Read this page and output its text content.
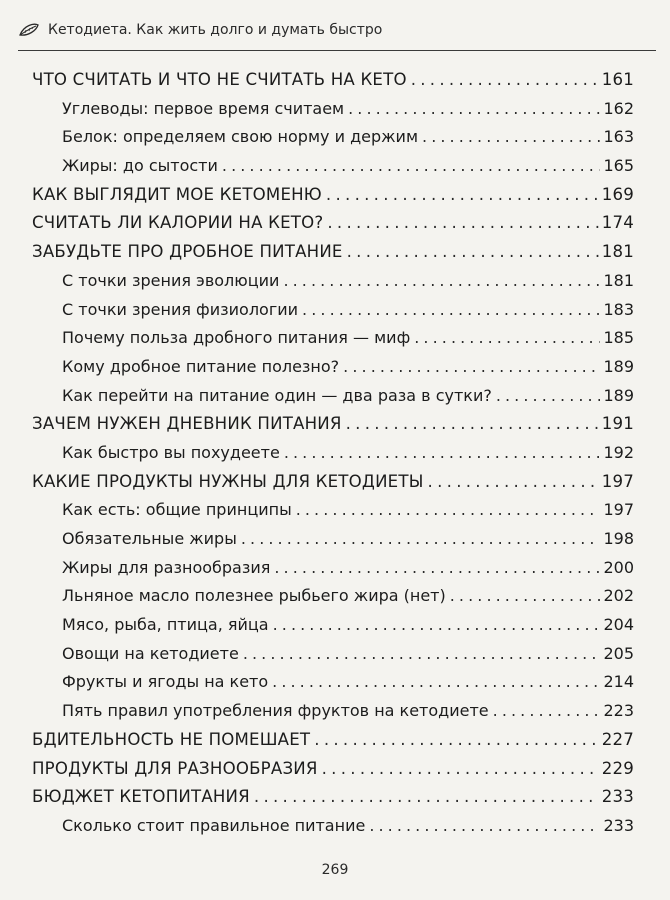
Кетодиета. Как жить долго и думать быстро
ЧТО СЧИТАТЬ И ЧТО НЕ СЧИТАТЬ НА КЕТО . . .	161
Углеводы: первое время считаем . . .	162
Белок: определяем свою норму и держим . . .	163
Жиры: до сытости . . .	165
КАК ВЫГЛЯДИТ МОЕ КЕТОМЕНЮ . . .	169
СЧИТАТЬ ЛИ КАЛОРИИ НА КЕТО? . . .	174
ЗАБУДЬТЕ ПРО ДРОБНОЕ ПИТАНИЕ . . .	181
С точки зрения эволюции . . .	181
С точки зрения физиологии . . .	183
Почему польза дробного питания — миф . . .	185
Кому дробное питание полезно? . . .	189
Как перейти на питание один — два раза в сутки? . . .	189
ЗАЧЕМ НУЖЕН ДНЕВНИК ПИТАНИЯ . . .	191
Как быстро вы похудеете . . .	192
КАКИЕ ПРОДУКТЫ НУЖНЫ ДЛЯ КЕТОДИЕТЫ . . .	197
Как есть: общие принципы . . .	197
Обязательные жиры . . .	198
Жиры для разнообразия . . .	200
Льняное масло полезнее рыбьего жира (нет) . . .	202
Мясо, рыба, птица, яйца . . .	204
Овощи на кетодиете . . .	205
Фрукты и ягоды на кето . . .	214
Пять правил употребления фруктов на кетодиете . . .	223
БДИТЕЛЬНОСТЬ НЕ ПОМЕШАЕТ . . .	227
ПРОДУКТЫ ДЛЯ РАЗНООБРАЗИЯ . . .	229
БЮДЖЕТ КЕТОПИТАНИЯ . . .	233
Сколько стоит правильное питание . . .	233
269
